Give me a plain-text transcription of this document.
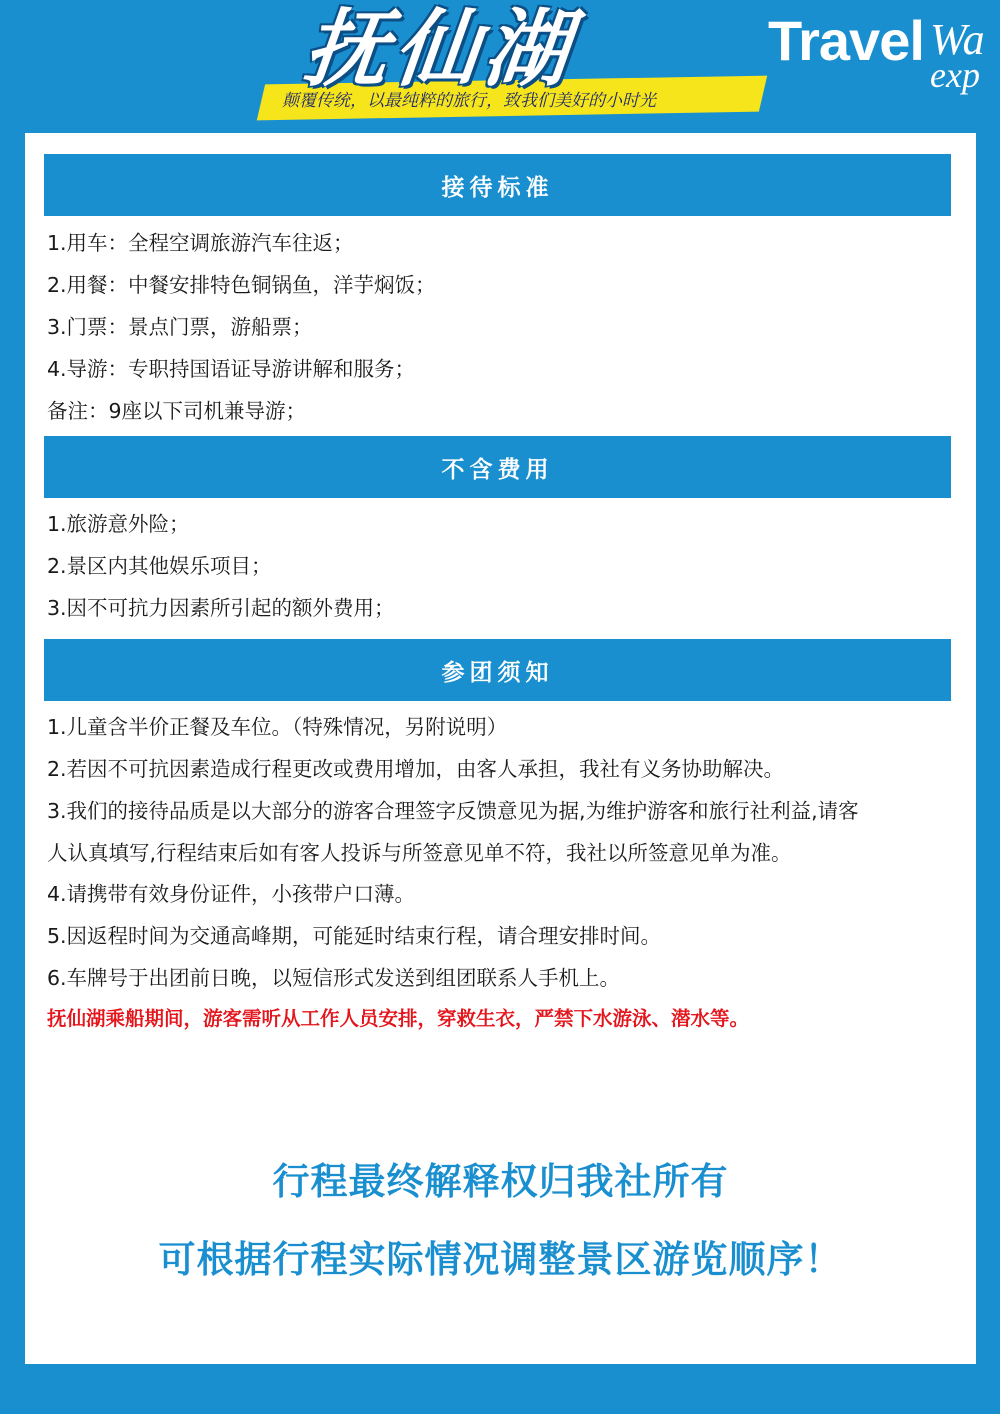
抚仙湖
颠覆传统，以最纯粹的旅行，致我们美好的小时光
Travel Wa
exp
接待标准
1.用车：全程空调旅游汽车往返；
2.用餐：中餐安排特色铜锅鱼，洋芋焖饭；
3.门票：景点门票，游船票；
4.导游：专职持国语证导游讲解和服务；
备注：9座以下司机兼导游；
不含费用
1.旅游意外险；
2.景区内其他娱乐项目；
3.因不可抗力因素所引起的额外费用；
参团须知
1.儿童含半价正餐及车位。（特殊情况，另附说明）
2.若因不可抗因素造成行程更改或费用增加，由客人承担，我社有义务协助解决。
3.我们的接待品质是以大部分的游客合理签字反馈意见为据,为维护游客和旅行社利益,请客
人认真填写,行程结束后如有客人投诉与所签意见单不符，我社以所签意见单为准。
4.请携带有效身份证件，小孩带户口薄。
5.因返程时间为交通高峰期，可能延时结束行程，请合理安排时间。
6.车牌号于出团前日晚，以短信形式发送到组团联系人手机上。
抚仙湖乘船期间，游客需听从工作人员安排，穿救生衣，严禁下水游泳、潜水等。
行程最终解释权归我社所有
可根据行程实际情况调整景区游览顺序！
